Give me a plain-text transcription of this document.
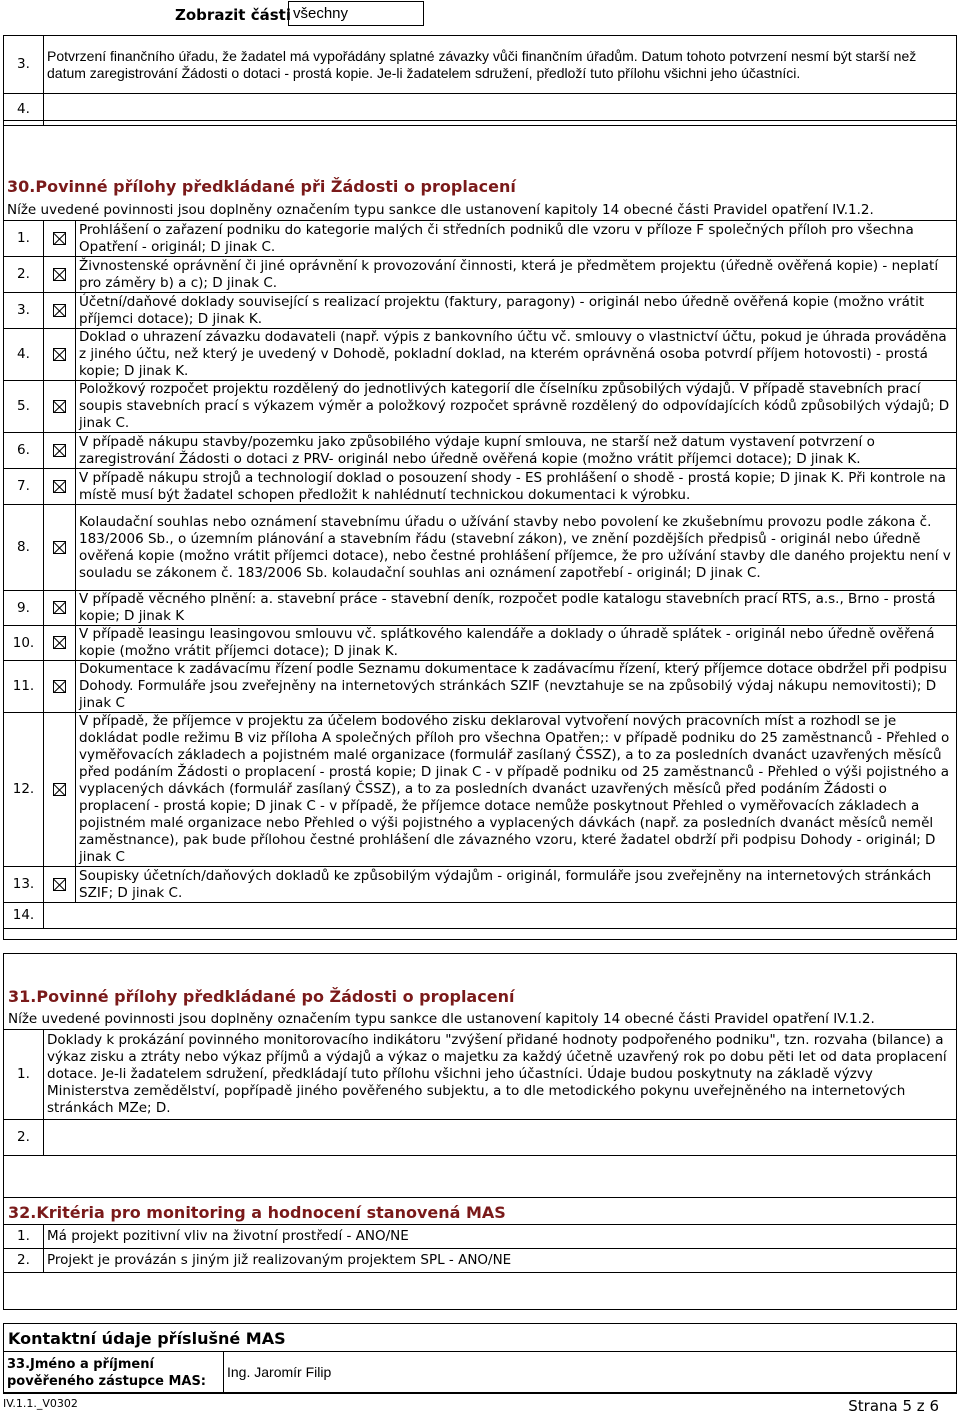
Zobrazit části všechny
3.	Potvrzení finančního úřadu, že žadatel má vypořádány splatné závazky vůči finančním úřadům. Datum tohoto potvrzení nesmí být starší než datum zaregistrování Žádosti o dotaci - prostá kopie. Je-li žadatelem sdružení, předloží tuto přílohu všichni jeho účastníci.
4.	
30.Povinné přílohy předkládané při Žádosti o proplacení
Níže uvedené povinnosti jsou doplněny označením typu sankce dle ustanovení kapitoly 14 obecné části Pravidel opatření IV.1.2.
1.		Prohlášení o zařazení podniku do kategorie malých či středních podniků dle vzoru v příloze F společných příloh pro všechna Opatření - originál; D jinak C.
2.		Živnostenské oprávnění či jiné oprávnění k provozování činnosti, která je předmětem projektu (úředně ověřená kopie) - neplatí pro záměry b) a c); D jinak C.
3.		Účetní/daňové doklady související s realizací projektu (faktury, paragony) - originál nebo úředně ověřená kopie (možno vrátit příjemci dotace); D jinak K.
4.		Doklad o uhrazení závazku dodavateli (např. výpis z bankovního účtu vč. smlouvy o vlastnictví účtu, pokud je úhrada prováděna z jiného účtu, než který je uvedený v Dohodě, pokladní doklad, na kterém oprávněná osoba potvrdí příjem hotovosti) - prostá kopie; D jinak K.
5.		Položkový rozpočet projektu rozdělený do jednotlivých kategorií dle číselníku způsobilých výdajů. V případě stavebních prací soupis stavebních prací s výkazem výměr a položkový rozpočet správně rozdělený do odpovídajících kódů způsobilých výdajů; D jinak C.
6.		V případě nákupu stavby/pozemku jako způsobilého výdaje kupní smlouva, ne starší než datum vystavení potvrzení o zaregistrování Žádosti o dotaci z PRV- originál nebo úředně ověřená kopie (možno vrátit příjemci dotace); D jinak K.
7.		V případě nákupu strojů a technologií doklad o posouzení shody - ES prohlášení o shodě - prostá kopie; D jinak K. Při kontrole na místě musí být žadatel schopen předložit k nahlédnutí technickou dokumentaci k výrobku.
8.		Kolaudační souhlas nebo oznámení stavebnímu úřadu o užívání stavby nebo povolení ke zkušebnímu provozu podle zákona č. 183/2006 Sb., o územním plánování a stavebním řádu (stavební zákon), ve znění pozdějších předpisů - originál nebo úředně ověřená kopie (možno vrátit příjemci dotace), nebo čestné prohlášení příjemce, že pro užívání stavby dle daného projektu není v souladu se zákonem č. 183/2006 Sb. kolaudační souhlas ani oznámení zapotřebí - originál; D jinak C.
9.		V případě věcného plnění: a. stavební práce - stavební deník, rozpočet podle katalogu stavebních prací RTS, a.s., Brno - prostá kopie; D jinak K
10.		V případě leasingu leasingovou smlouvu vč. splátkového kalendáře a doklady o úhradě splátek - originál nebo úředně ověřená kopie (možno vrátit příjemci dotace); D jinak K.
11.		Dokumentace k zadávacímu řízení podle Seznamu dokumentace k zadávacímu řízení, který příjemce dotace obdržel při podpisu Dohody. Formuláře jsou zveřejněny na internetových stránkách SZIF (nevztahuje se na způsobilý výdaj nákupu nemovitosti); D jinak C
12.		V případě, že příjemce v projektu za účelem bodového zisku deklaroval vytvoření nových pracovních míst a rozhodl se je dokládat podle režimu B viz příloha A společných příloh pro všechna Opatřen;: v případě podniku do 25 zaměstnanců - Přehled o vyměřovacích základech a pojistném malé organizace (formulář zasílaný ČSSZ), a to za posledních dvanáct uzavřených měsíců před podáním Žádosti o proplacení - prostá kopie; D jinak C - v případě podniku od 25 zaměstnanců - Přehled o výši pojistného a vyplacených dávkách (formulář zasílaný ČSSZ), a to za posledních dvanáct uzavřených měsíců před podáním Žádosti o proplacení - prostá kopie; D jinak C - v případě, že příjemce dotace nemůže poskytnout Přehled o vyměřovacích základech a pojistném malé organizace nebo Přehled o výši pojistného a vyplacených dávkách (např. za posledních dvanáct měsíců neměl zaměstnance), pak bude přílohou čestné prohlášení dle závazného vzoru, které žadatel obdrží při podpisu Dohody - originál; D jinak C
13.		Soupisky účetních/daňových dokladů ke způsobilým výdajům - originál, formuláře jsou zveřejněny na internetových stránkách SZIF; D jinak C.
14.		
31.Povinné přílohy předkládané po Žádosti o proplacení
Níže uvedené povinnosti jsou doplněny označením typu sankce dle ustanovení kapitoly 14 obecné části Pravidel opatření IV.1.2.
1.	Doklady k prokázání povinného monitorovacího indikátoru "zvýšení přidané hodnoty podpořeného podniku", tzn. rozvaha (bilance) a výkaz zisku a ztráty nebo výkaz příjmů a výdajů a výkaz o majetku za každý účetně uzavřený rok po dobu pěti let od data proplacení dotace. Je-li žadatelem sdružení, předkládají tuto přílohu všichni jeho účastníci. Údaje budou poskytnuty na základě výzvy Ministerstva zemědělství, popřípadě jiného pověřeného subjektu, a to dle metodického pokynu uveřejněného na internetových stránkách MZe; D.
2.	
32.Kritéria pro monitoring a hodnocení stanovená MAS
1.	Má projekt pozitivní vliv na životní prostředí - ANO/NE
2.	Projekt je provázán s jiným již realizovaným projektem SPL - ANO/NE
Kontaktní údaje příslušné MAS
33.Jméno a příjmení pověřeného zástupce MAS:	Ing. Jaromír Filip
IV.1.1._V0302	Strana 5 z 6
